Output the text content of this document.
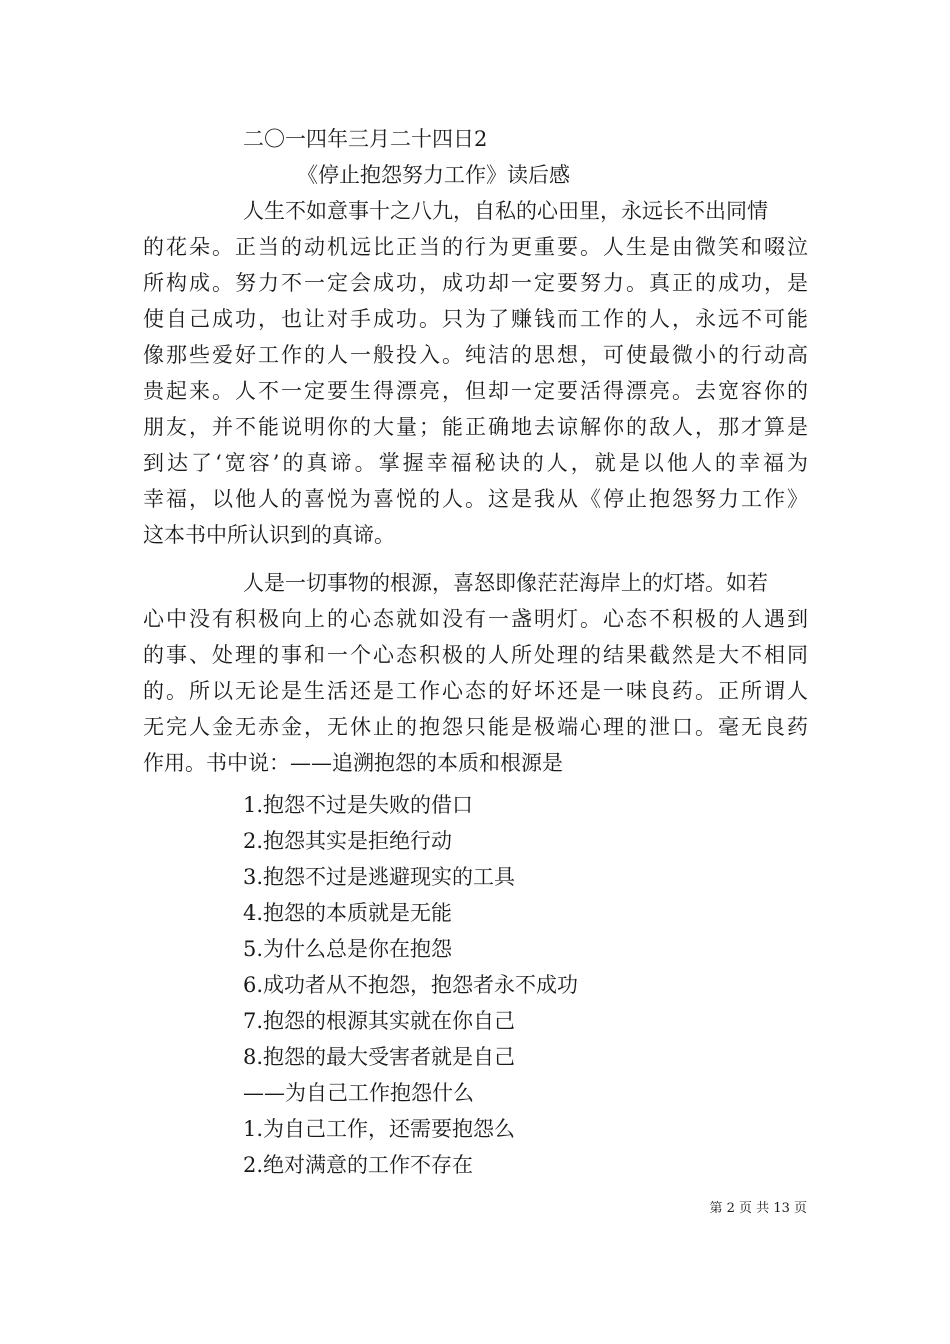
二〇一四年三月二十四日2
《停止抱怨努力工作》读后感
人生不如意事十之八九，自私的心田里，永远长不出同情
的花朵。正当的动机远比正当的行为更重要。人生是由微笑和啜泣
所构成。努力不一定会成功，成功却一定要努力。真正的成功，是
使自己成功，也让对手成功。只为了赚钱而工作的人，永远不可能
像那些爱好工作的人一般投入。纯洁的思想，可使最微小的行动高
贵起来。人不一定要生得漂亮，但却一定要活得漂亮。去宽容你的
朋友，并不能说明你的大量；能正确地去谅解你的敌人，那才算是
到达了‘宽容’的真谛。掌握幸福秘诀的人，就是以他人的幸福为
幸福，以他人的喜悦为喜悦的人。这是我从《停止抱怨努力工作》
这本书中所认识到的真谛。
人是一切事物的根源，喜怒即像茫茫海岸上的灯塔。如若
心中没有积极向上的心态就如没有一盏明灯。心态不积极的人遇到
的事、处理的事和一个心态积极的人所处理的结果截然是大不相同
的。所以无论是生活还是工作心态的好坏还是一味良药。正所谓人
无完人金无赤金，无休止的抱怨只能是极端心理的泄口。毫无良药
作用。书中说：——追溯抱怨的本质和根源是
1.抱怨不过是失败的借口
2.抱怨其实是拒绝行动
3.抱怨不过是逃避现实的工具
4.抱怨的本质就是无能
5.为什么总是你在抱怨
6.成功者从不抱怨，抱怨者永不成功
7.抱怨的根源其实就在你自己
8.抱怨的最大受害者就是自己
——为自己工作抱怨什么
1.为自己工作，还需要抱怨么
2.绝对满意的工作不存在
第 2 页 共 13 页
